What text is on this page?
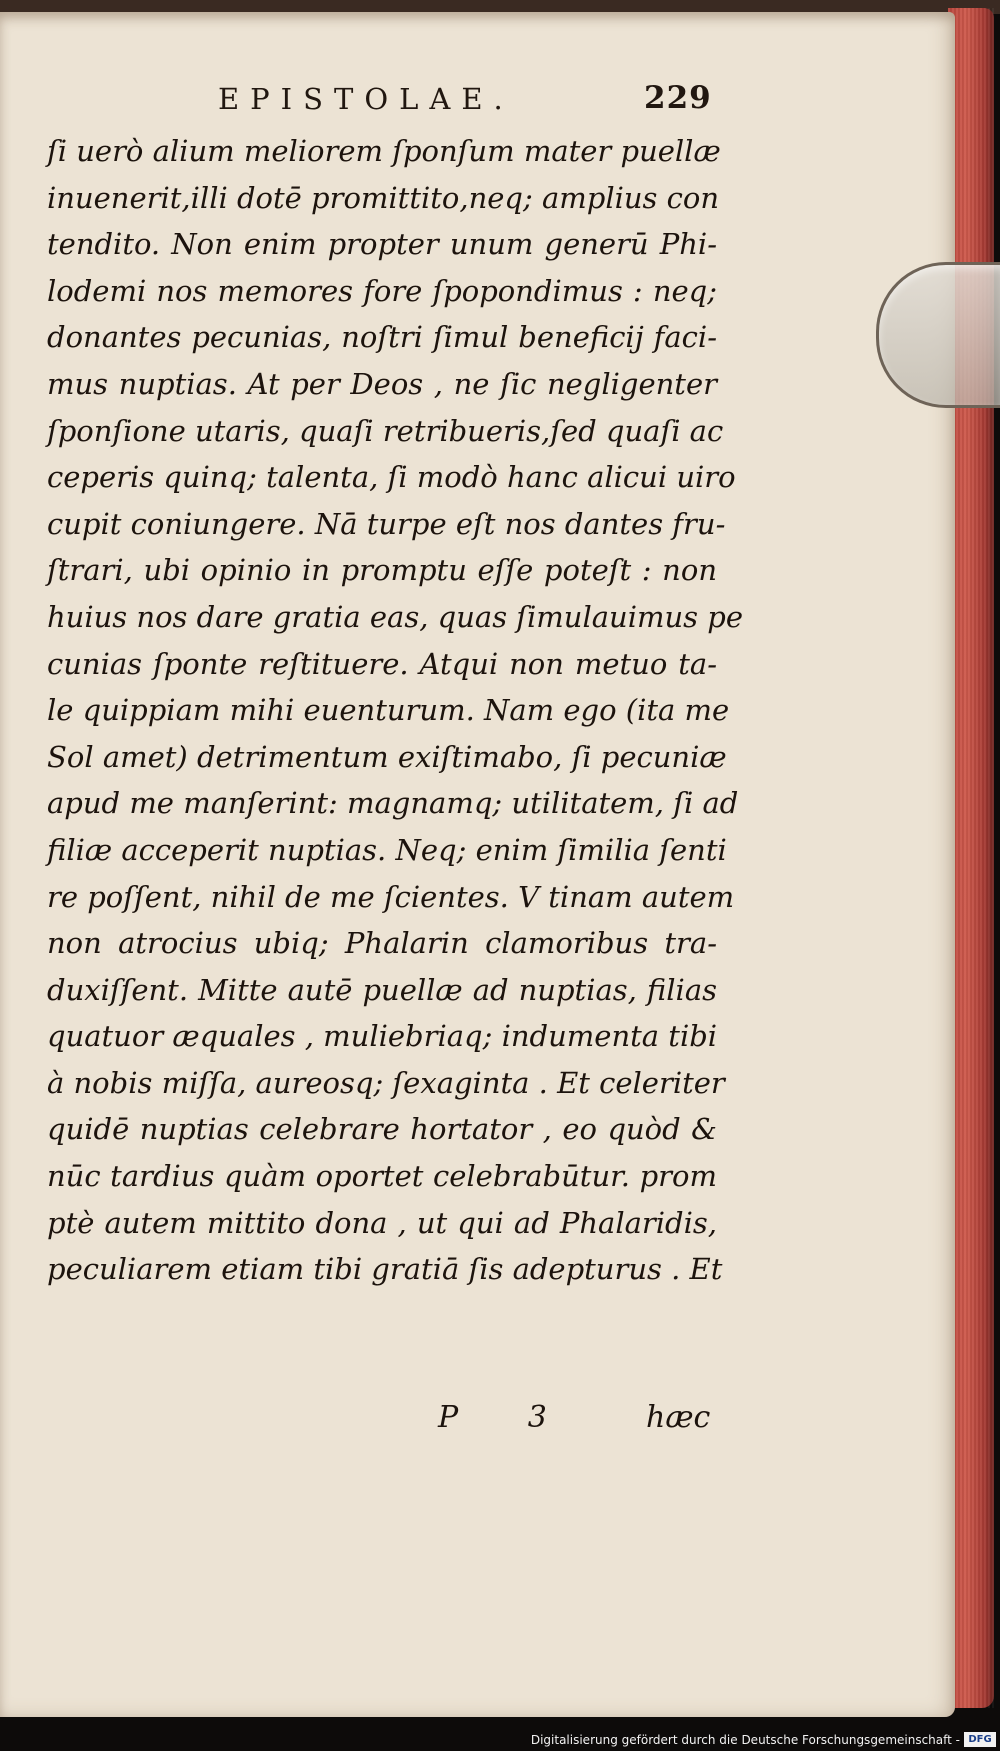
EPISTOLAE.	229
ſi uerò alium meliorem ſponſum mater puellæ
inuenerit,illi dotē promittito,neq; amplius con
tendito. Non enim propter unum generū Phi-
lodemi nos memores fore ſpopondimus : neq;
donantes pecunias, noſtri ſimul beneficij faci-
mus nuptias. At per Deos , ne ſic negligenter
ſponſione utaris, quaſi retribueris,ſed quaſi ac
ceperis quinq; talenta, ſi modò hanc alicui uiro
cupit coniungere. Nā turpe eſt nos dantes fru-
ſtrari, ubi opinio in promptu eſſe poteſt : non
huius nos dare gratia eas, quas ſimulauimus pe
cunias ſponte reſtituere. Atqui non metuo ta-
le quippiam mihi euenturum. Nam ego (ita me
Sol amet) detrimentum exiſtimabo, ſi pecuniæ
apud me manſerint: magnamq; utilitatem, ſi ad
filiæ acceperit nuptias. Neq; enim ſimilia ſenti
re poſſent, nihil de me ſcientes. V tinam autem
non atrocius ubiq; Phalarin clamoribus tra-
duxiſſent. Mitte autē puellæ ad nuptias, filias
quatuor æquales , muliebriaq; indumenta tibi
à nobis miſſa, aureosq; ſexaginta . Et celeriter
quidē nuptias celebrare hortator , eo quòd &
nūc tardius quàm oportet celebrabūtur. prom
ptè autem mittito dona , ut qui ad Phalaridis,
peculiarem etiam tibi gratiā ſis adepturus . Et
P 3 hæc
Digitalisierung gefördert durch die Deutsche Forschungsgemeinschaft - DFG
